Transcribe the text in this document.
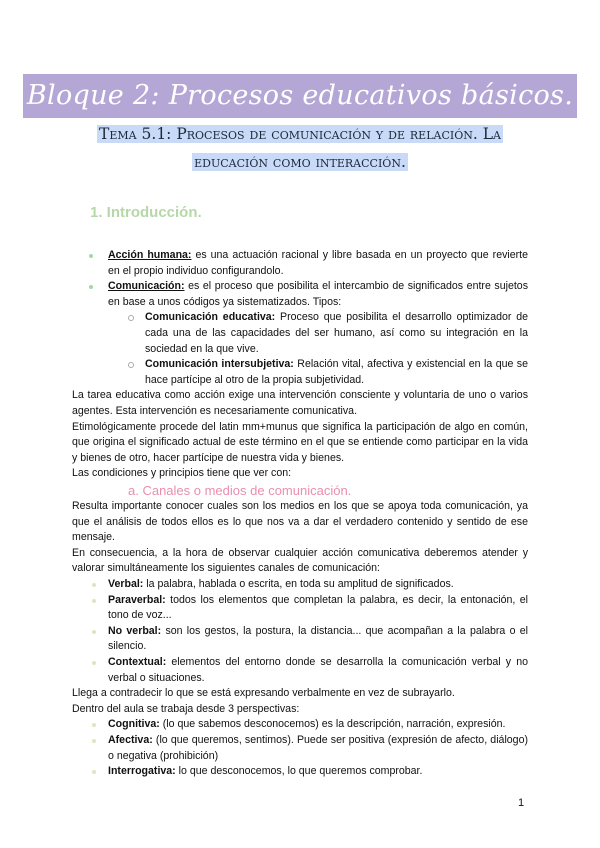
Bloque 2: Procesos educativos básicos.
Tema 5.1: Procesos de comunicación y de relación. La educación como interacción.
1. Introducción.
Acción humana: es una actuación racional y libre basada en un proyecto que revierte en el propio individuo configurandolo.
Comunicación: es el proceso que posibilita el intercambio de significados entre sujetos en base a unos códigos ya sistematizados. Tipos:
Comunicación educativa: Proceso que posibilita el desarrollo optimizador de cada una de las capacidades del ser humano, así como su integración en la sociedad en la que vive.
Comunicación intersubjetiva: Relación vital, afectiva y existencial en la que se hace partícipe al otro de la propia subjetividad.
La tarea educativa como acción exige una intervención consciente y voluntaria de uno o varios agentes. Esta intervención es necesariamente comunicativa.
Etimológicamente procede del latin mm+munus que significa la participación de algo en común, que origina el significado actual de este término en el que se entiende como participar en la vida y bienes de otro, hacer partícipe de nuestra vida y bienes.
Las condiciones y principios tiene que ver con:
a. Canales o medios de comunicación.
Resulta importante conocer cuales son los medios en los que se apoya toda comunicación, ya que el análisis de todos ellos es lo que nos va a dar el verdadero contenido y sentido de ese mensaje.
En consecuencia, a la hora de observar cualquier acción comunicativa deberemos atender y valorar simultáneamente los siguientes canales de comunicación:
Verbal: la palabra, hablada o escrita, en toda su amplitud de significados.
Paraverbal: todos los elementos que completan la palabra, es decir, la entonación, el tono de voz...
No verbal: son los gestos, la postura, la distancia... que acompañan a la palabra o el silencio.
Contextual: elementos del entorno donde se desarrolla la comunicación verbal y no verbal o situaciones.
Llega a contradecir lo que se está expresando verbalmente en vez de subrayarlo.
Dentro del aula se trabaja desde 3 perspectivas:
Cognitiva: (lo que sabemos desconocemos) es la descripción, narración, expresión.
Afectiva: (lo que queremos, sentimos). Puede ser positiva (expresión de afecto, diálogo) o negativa (prohibición)
Interrogativa: lo que desconocemos, lo que queremos comprobar.
1
